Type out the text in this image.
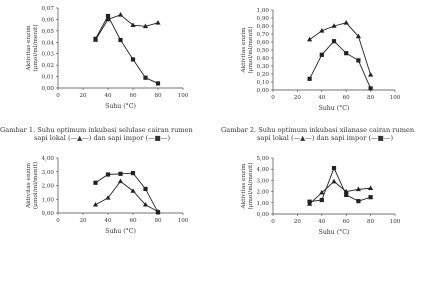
0	20	40	60	80	100
0,00
0,01
0,02
0,03
0,04
0,05
0,06
0,07
Suhu (°C)
Aktivitas enzim (μmol/ml/menit)
Gambar 1. Suhu optimum inkubasi selulase cairan rumen
sapi lokal (—▲—) dan sapi impor (—■—)
0	20	40	60	80	100
0,00
0,10
0,20
0,30
0,40
0,50
0,60
0,70
0,80
0,90
1,00
Suhu (°C)
Aktivitas enzim (μmol/ml/menit)
Gambar 2. Suhu optimum inkubasi xilanase cairan rumen
sapi lokal (—▲—) dan sapi impor (—■—)
0	20	40	60	80	100
0,00
1,00
2,00
3,00
4,00
Suhu (°C)
Aktivitas enzim (μmol/ml/menit)
0	20	40	60	80	100
0,00
1,00
2,00
3,00
4,00
5,00
Suhu (°C)
Aktivitas enzim (μmol/ml/menit)
